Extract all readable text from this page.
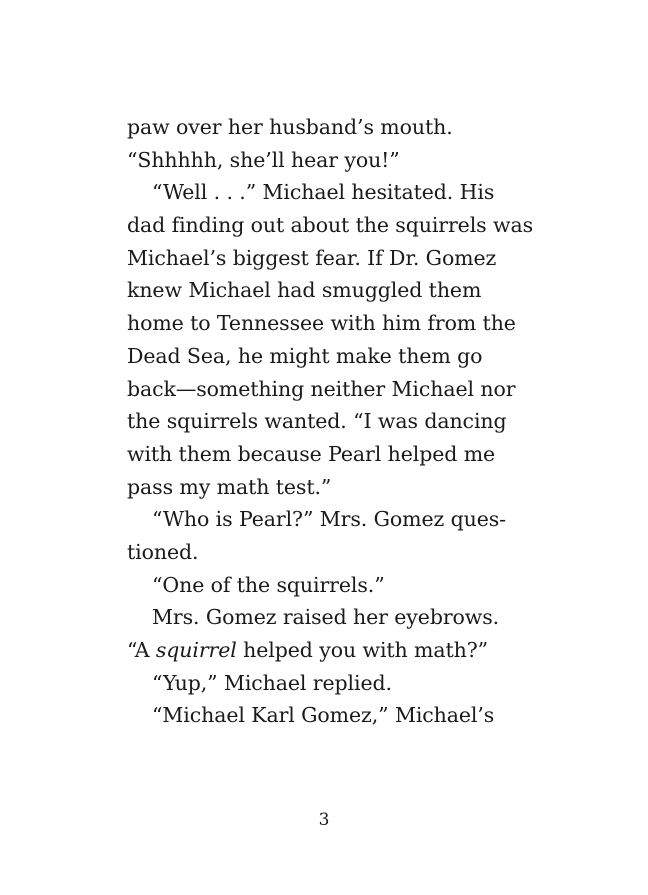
paw over her husband’s mouth.
“Shhhhh, she’ll hear you!”
“Well . . .” Michael hesitated. His
dad finding out about the squirrels was
Michael’s biggest fear. If Dr. Gomez
knew Michael had smuggled them
home to Tennessee with him from the
Dead Sea, he might make them go
back—something neither Michael nor
the squirrels wanted. “I was dancing
with them because Pearl helped me
pass my math test.”
“Who is Pearl?” Mrs. Gomez ques-
tioned.
“One of the squirrels.”
Mrs. Gomez raised her eyebrows.
“A squirrel helped you with math?”
“Yup,” Michael replied.
“Michael Karl Gomez,” Michael’s
3
